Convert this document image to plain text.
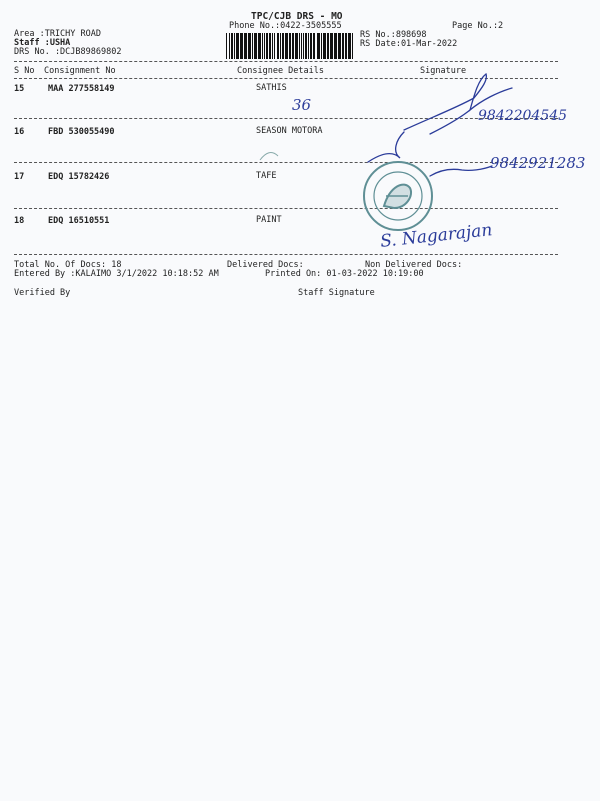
TPC/CJB DRS - MO
Phone No.:0422-3505555	Page No.:2
Area :TRICHY ROAD
Staff :USHA
DRS No. :DCJB89869802
RS No.:898698
RS Date:01-Mar-2022
S No Consignment No	Consignee Details	Signature
15	MAA 277558149	SATHIS
16	FBD 530055490	SEASON MOTORA
17	EDQ 15782426	TAFE
18	EDQ 16510551	PAINT
Total No. Of Docs: 18	Delivered Docs:	Non Delivered Docs:
Entered By :KALAIMO 3/1/2022 10:18:52 AM	Printed On: 01-03-2022 10:19:00
Verified By	Staff Signature
36
9842204545
9842921283
S. Nagarajan
